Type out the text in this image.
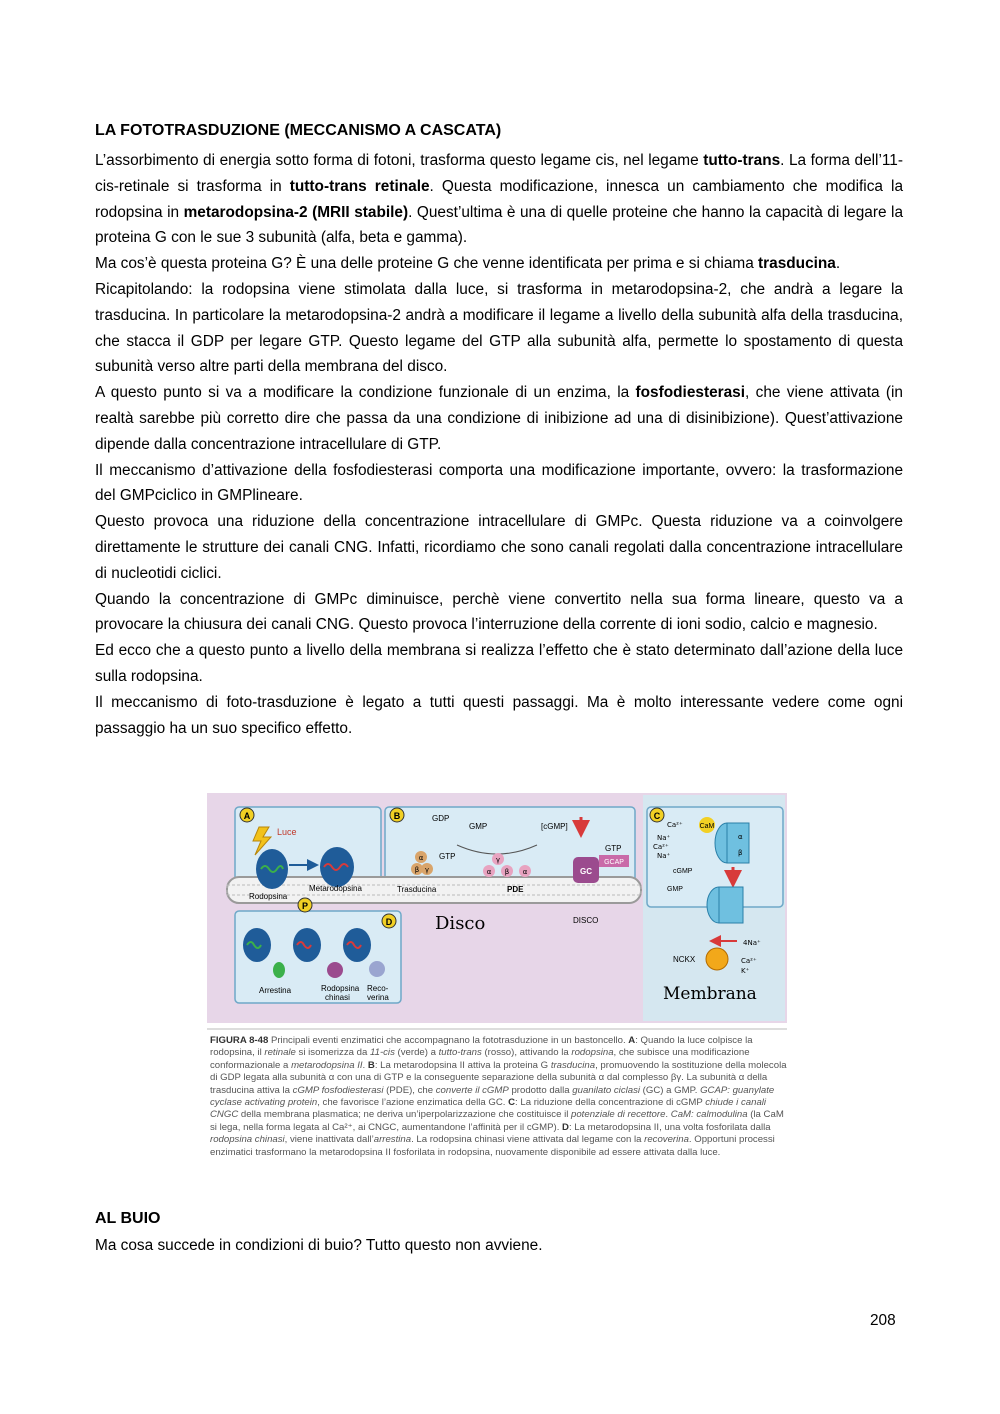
LA FOTOTRASDUZIONE (MECCANISMO A CASCATA)

L’assorbimento di energia sotto forma di fotoni, trasforma questo legame cis, nel legame tutto-trans. La forma dell’11-cis-retinale si trasforma in tutto-trans retinale. Questa modificazione, innesca un cambiamento che modifica la rodopsina in metarodopsina-2 (MRII stabile). Quest’ultima è una di quelle proteine che hanno la capacità di legare la proteina G con le sue 3 subunità (alfa, beta e gamma).

Ma cos’è questa proteina G? È una delle proteine G che venne identificata per prima e si chiama trasducina.

Ricapitolando: la rodopsina viene stimolata dalla luce, si trasforma in metarodopsina-2, che andrà a legare la trasducina. In particolare la metarodopsina-2 andrà a modificare il legame a livello della subunità alfa della trasducina, che stacca il GDP per legare GTP. Questo legame del GTP alla subunità alfa, permette lo spostamento di questa subunità verso altre parti della membrana del disco.

A questo punto si va a modificare la condizione funzionale di un enzima, la fosfodiesterasi, che viene attivata (in realtà sarebbe più corretto dire che passa da una condizione di inibizione ad una di disinibizione). Quest’attivazione dipende dalla concentrazione intracellulare di GTP.

Il meccanismo d’attivazione della fosfodiesterasi comporta una modificazione importante, ovvero: la trasformazione del GMPciclico in GMPlineare.

Questo provoca una riduzione della concentrazione intracellulare di GMPc. Questa riduzione va a coinvolgere direttamente le strutture dei canali CNG. Infatti, ricordiamo che sono canali regolati dalla concentrazione intracellulare di nucleotidi ciclici.

Quando la concentrazione di GMPc diminuisce, perchè viene convertito nella sua forma lineare, questo va a provocare la chiusura dei canali CNG. Questo provoca l’interruzione della corrente di ioni sodio, calcio e magnesio.

Ed ecco che a questo punto a livello della membrana si realizza l’effetto che è stato determinato dall’azione della luce sulla rodopsina.

Il meccanismo di foto-trasduzione è legato a tutti questi passaggi. Ma è molto interessante vedere come ogni passaggio ha un suo specifico effetto.

A	B	C
D
P
Luce
Rodopsina
Metarodopsina
GDP
GMP	[cGMP]
GTP
GTP
β γ
α
α β α
γ
GC
GCAP
Trasducina	PDE
Disco	DISCO
Arrestina	Rodopsina
chinasi
Reco-
verina
Ca²⁺ CaM
Na⁺
Ca²⁺
Na⁺
cGMP
α
β
GMP
4Na⁺
NCKX	Ca²⁺
K⁺
Membrana
FIGURA 8-48 Principali eventi enzimatici che accompagnano la fototrasduzione in un bastoncello. A: Quando la luce colpisce la rodopsina, il retinale si isomerizza da 11-cis (verde) a tutto-trans (rosso), attivando la rodopsina, che subisce una modificazione conformazionale a metarodopsina II. B: La metarodopsina II attiva la proteina G trasducina, promuovendo la sostituzione della molecola di GDP legata alla subunità α con una di GTP e la conseguente separazione della subunità α dal complesso βγ. La subunità α della trasducina attiva la cGMP fosfodiesterasi (PDE), che converte il cGMP prodotto dalla guanilato ciclasi (GC) a GMP. GCAP: guanylate cyclase activating protein, che favorisce l’azione enzimatica della GC. C: La riduzione della concentrazione di cGMP chiude i canali CNGC della membrana plasmatica; ne deriva un’iperpolarizzazione che costituisce il potenziale di recettore. CaM: calmodulina (la CaM si lega, nella forma legata al Ca²⁺, ai CNGC, aumentandone l’affinità per il cGMP). D: La metarodopsina II, una volta fosforilata dalla rodopsina chinasi, viene inattivata dall’arrestina. La rodopsina chinasi viene attivata dal legame con la recoverina. Opportuni processi enzimatici trasformano la metarodopsina II fosforilata in rodopsina, nuovamente disponibile ad essere attivata dalla luce.
AL BUIO
Ma cosa succede in condizioni di buio? Tutto questo non avviene.
208
